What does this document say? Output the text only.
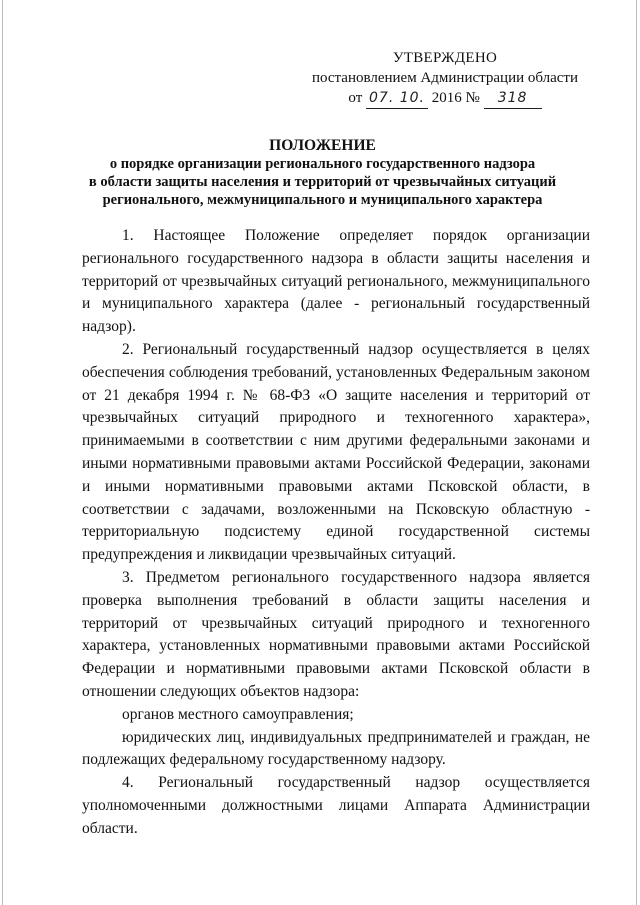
УТВЕРЖДЕНО
постановлением Администрации области
от 07. 10. 2016 № 318
ПОЛОЖЕНИЕ
о порядке организации регионального государственного надзора
в области защиты населения и территорий от чрезвычайных ситуаций
регионального, межмуниципального и муниципального характера

1. Настоящее Положение определяет порядок организации регионального государственного надзора в области защиты населения и территорий от чрезвычайных ситуаций регионального, межмуниципального и муниципального характера (далее - региональный государственный надзор).

2. Региональный государственный надзор осуществляется в целях обеспечения соблюдения требований, установленных Федеральным законом от 21 декабря 1994 г. № 68-ФЗ «О защите населения и территорий от чрезвычайных ситуаций природного и техногенного характера», принимаемыми в соответствии с ним другими федеральными законами и иными нормативными правовыми актами Российской Федерации, законами и иными нормативными правовыми актами Псковской области, в соответствии с задачами, возложенными на Псковскую областную - территориальную подсистему единой государственной системы предупреждения и ликвидации чрезвычайных ситуаций.

3. Предметом регионального государственного надзора является проверка выполнения требований в области защиты населения и территорий от чрезвычайных ситуаций природного и техногенного характера, установленных нормативными правовыми актами Российской Федерации и нормативными правовыми актами Псковской области в отношении следующих объектов надзора:

органов местного самоуправления;

юридических лиц, индивидуальных предпринимателей и граждан, не подлежащих федеральному государственному надзору.

4. Региональный государственный надзор осуществляется уполномоченными должностными лицами Аппарата Администрации области.
